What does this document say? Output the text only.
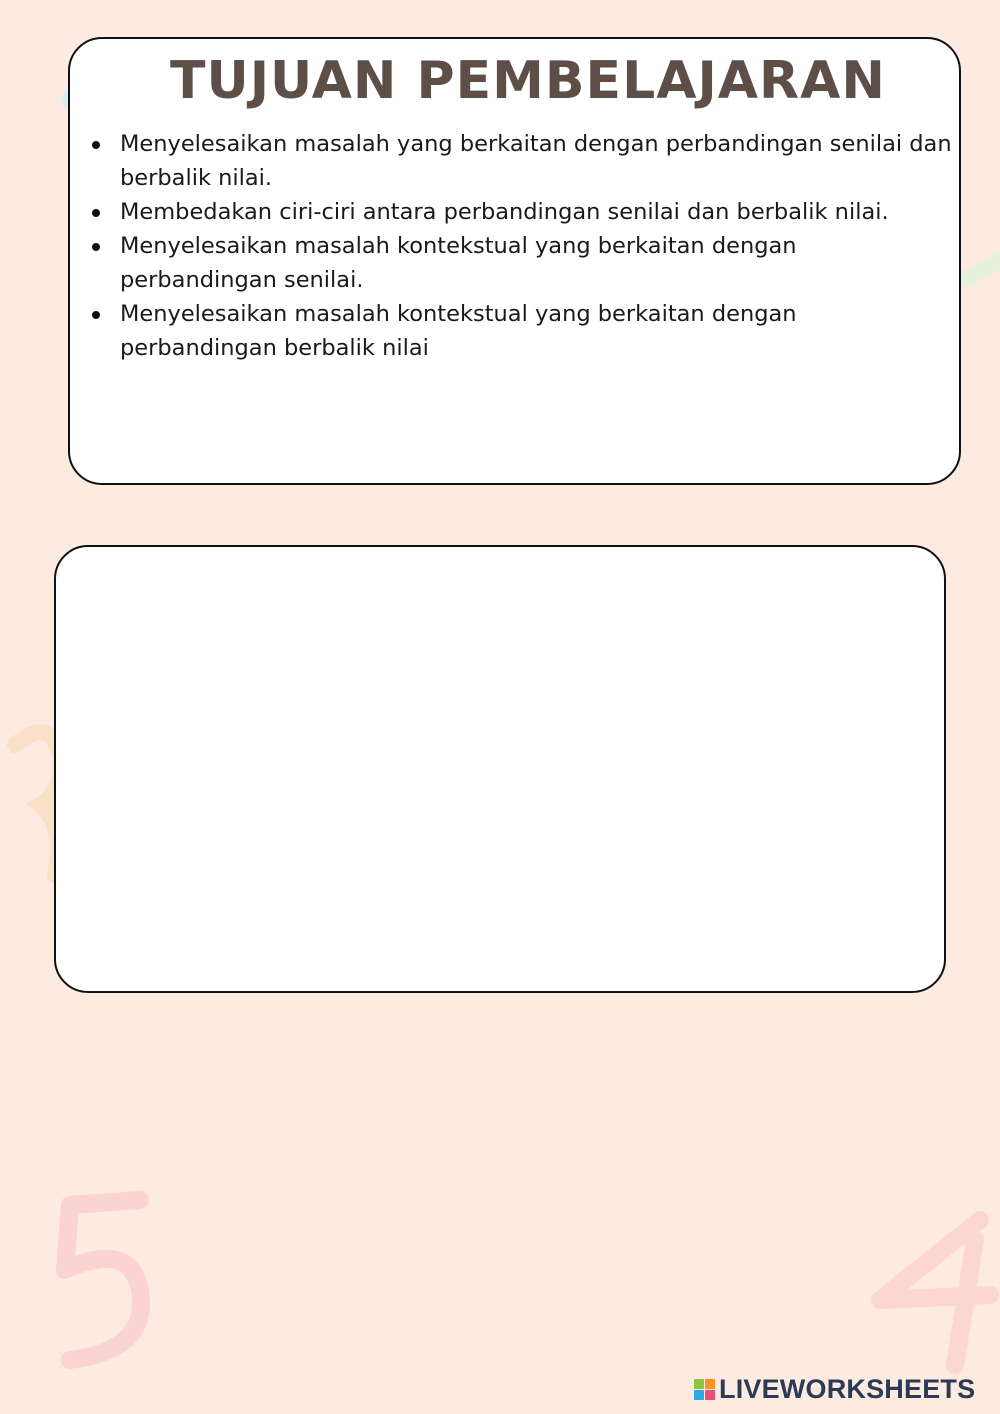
TUJUAN PEMBELAJARAN
Menyelesaikan masalah yang berkaitan dengan perbandingan senilai dan berbalik nilai.
Membedakan ciri-ciri antara perbandingan senilai dan berbalik nilai.
Menyelesaikan masalah kontekstual yang berkaitan dengan perbandingan senilai.
Menyelesaikan masalah kontekstual yang berkaitan dengan perbandingan berbalik nilai
LIVEWORKSHEETS
